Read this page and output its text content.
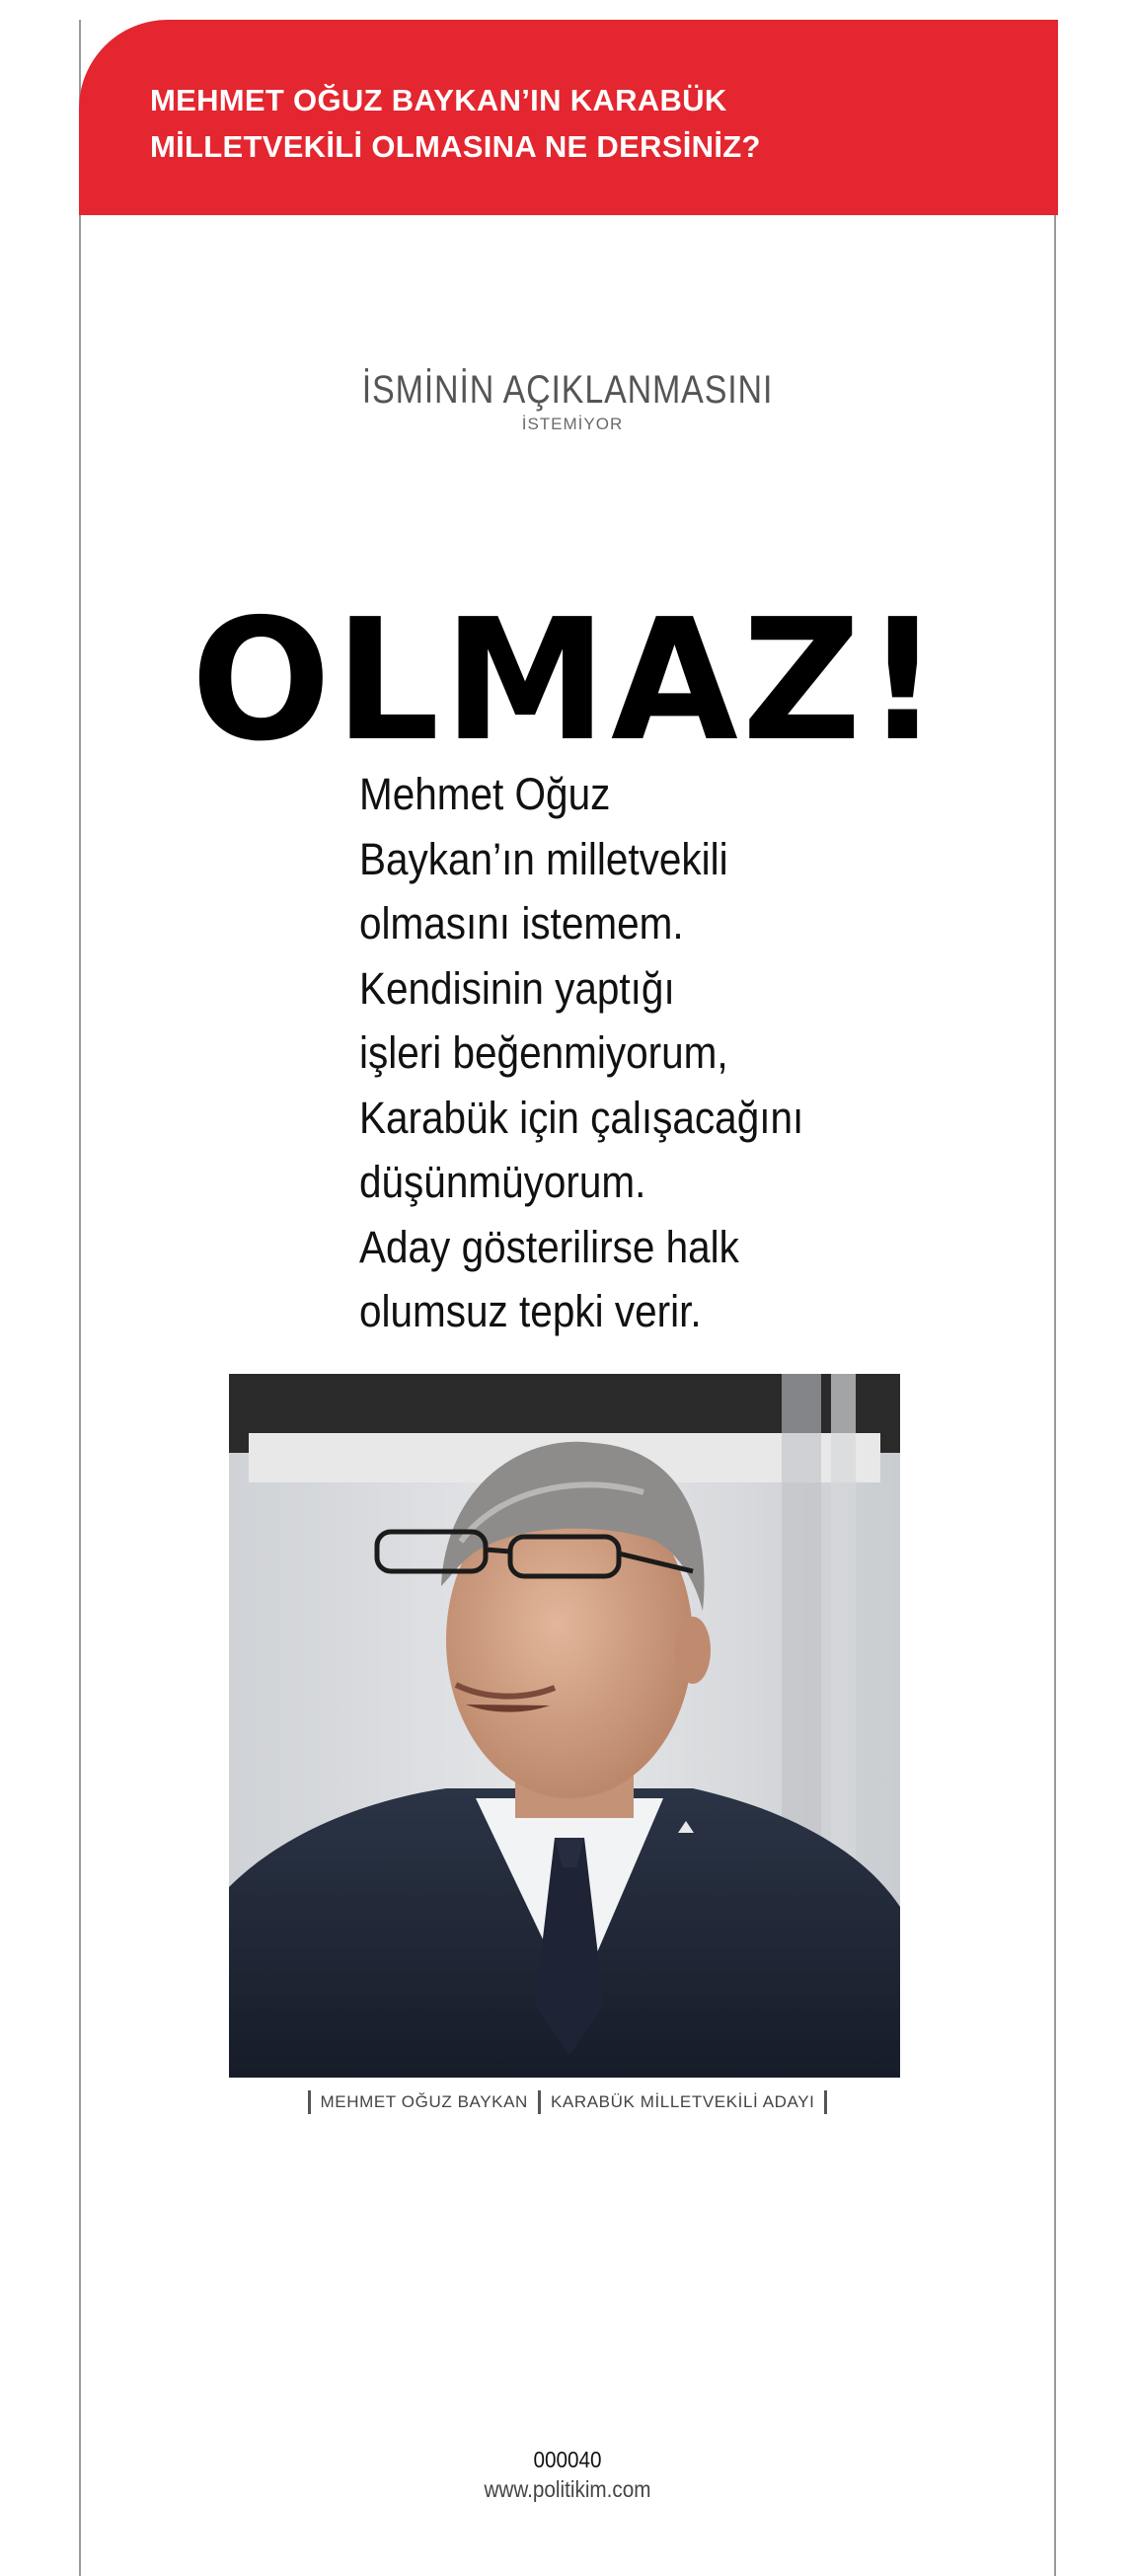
MEHMET OĞUZ BAYKAN’IN KARABÜK
MİLLETVEKİLİ OLMASINA NE DERSİNİZ?
İSMİNİN AÇIKLANMASINI
İSTEMİYOR
OLMAZ!
Mehmet Oğuz
Baykan’ın milletvekili
olmasını istemem.
Kendisinin yaptığı
işleri beğenmiyorum,
Karabük için çalışacağını
düşünmüyorum.
Aday gösterilirse halk
olumsuz tepki verir.
MEHMET OĞUZ BAYKAN KARABÜK MİLLETVEKİLİ ADAYI
000040
www.politikim.com
